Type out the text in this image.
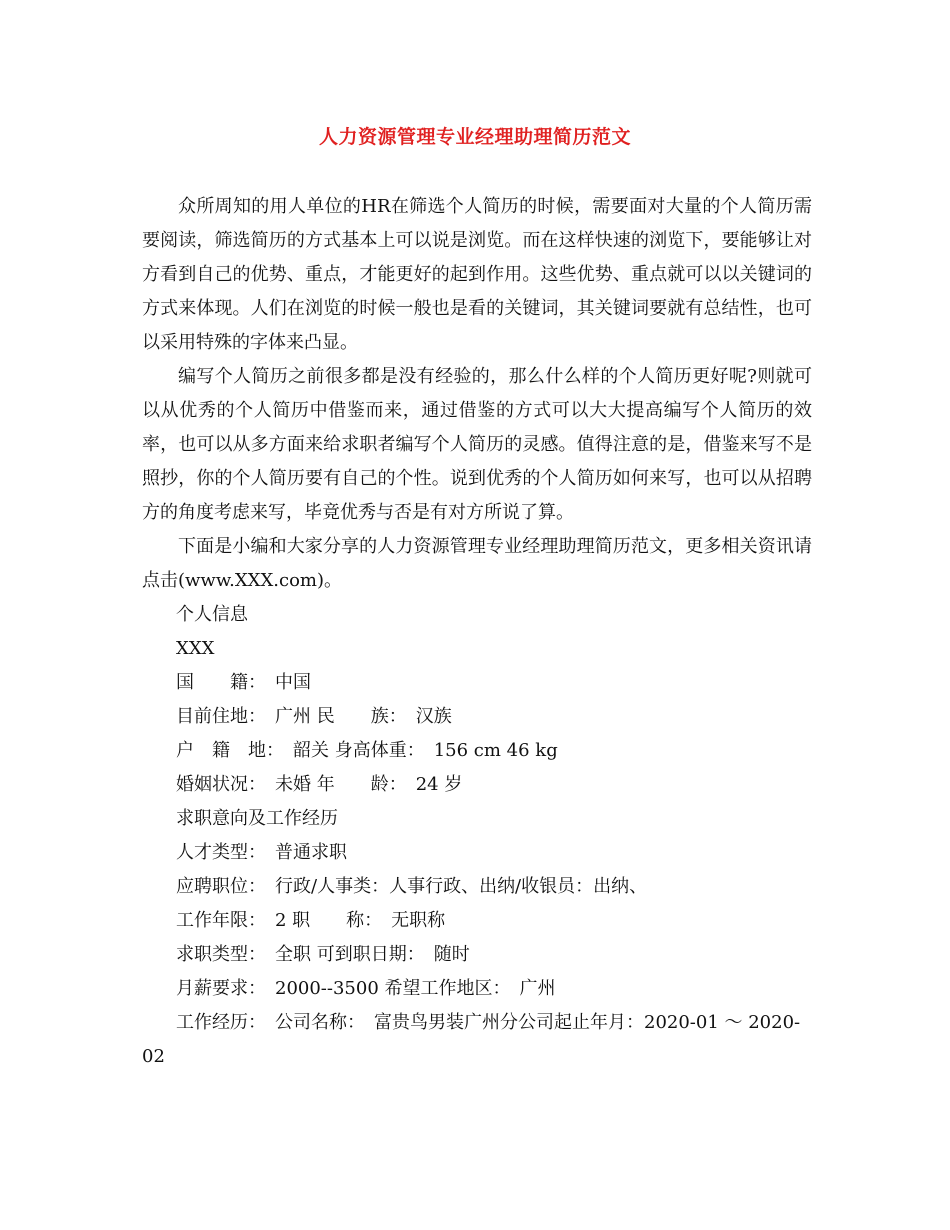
人力资源管理专业经理助理简历范文

众所周知的用人单位的HR在筛选个人简历的时候，需要面对大量的个人简历需要阅读，筛选简历的方式基本上可以说是浏览。而在这样快速的浏览下，要能够让对方看到自己的优势、重点，才能更好的起到作用。这些优势、重点就可以以关键词的方式来体现。人们在浏览的时候一般也是看的关键词，其关键词要就有总结性，也可以采用特殊的字体来凸显。

编写个人简历之前很多都是没有经验的，那么什么样的个人简历更好呢?则就可以从优秀的个人简历中借鉴而来，通过借鉴的方式可以大大提高编写个人简历的效率，也可以从多方面来给求职者编写个人简历的灵感。值得注意的是，借鉴来写不是照抄，你的个人简历要有自己的个性。说到优秀的个人简历如何来写，也可以从招聘方的角度考虑来写，毕竟优秀与否是有对方所说了算。

下面是小编和大家分享的人力资源管理专业经理助理简历范文，更多相关资讯请点击(www.XXX.com)。

个人信息

XXX

国　　籍：　中国

目前住地：　广州 民　　族：　汉族

户　籍　地：　韶关 身高体重：　156 cm 46 kg

婚姻状况：　未婚 年　　龄：　24 岁

求职意向及工作经历

人才类型：　普通求职

应聘职位：　行政/人事类：人事行政、出纳/收银员：出纳、

工作年限：　2 职　　称：　无职称

求职类型：　全职 可到职日期：　随时

月薪要求：　2000--3500 希望工作地区：　广州

工作经历：　公司名称：　富贵鸟男装广州分公司起止年月：2020-01 ～ 2020-
02
